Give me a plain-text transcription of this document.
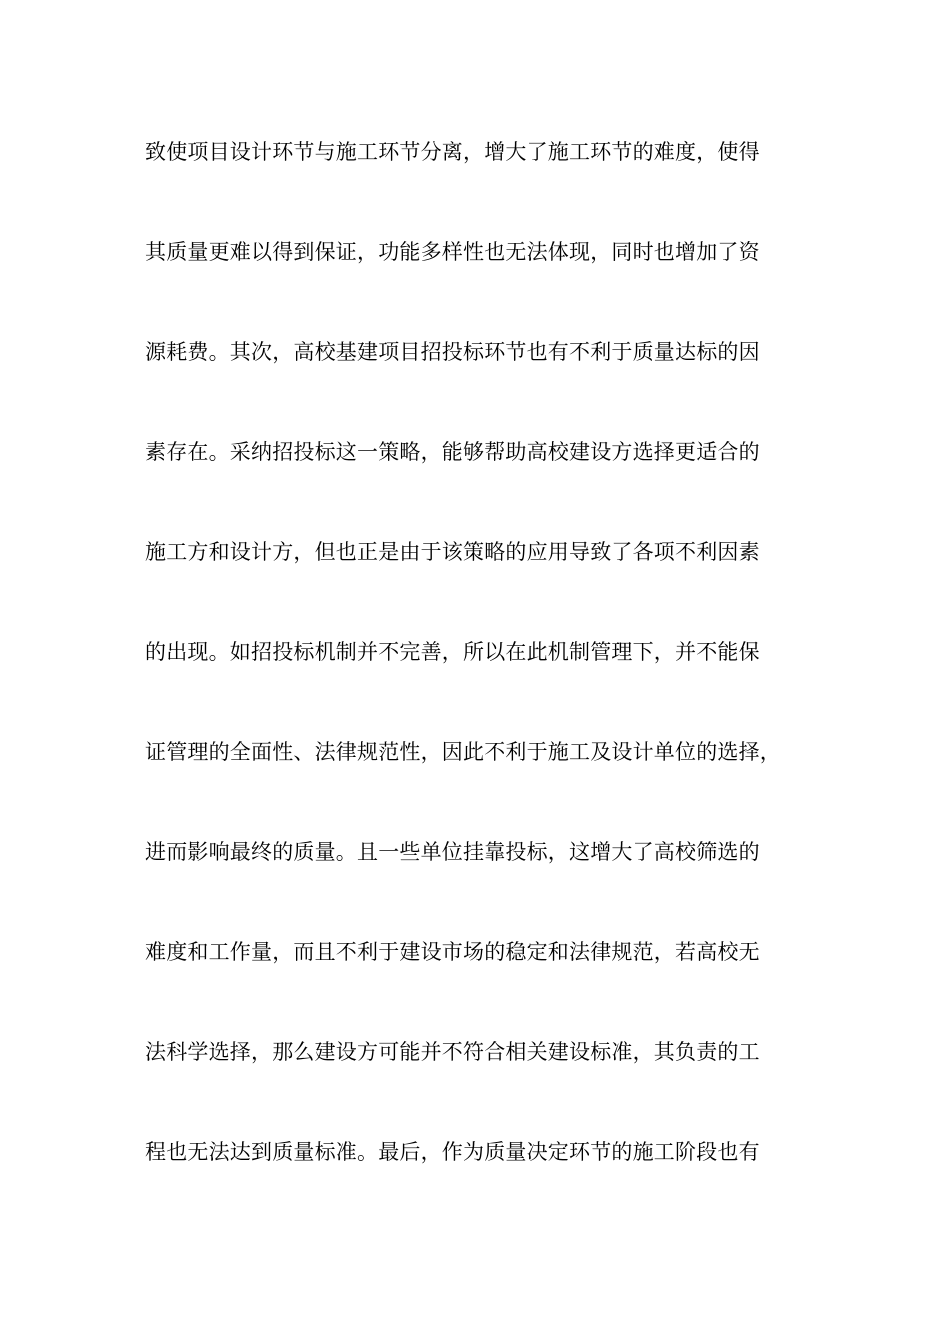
致使项目设计环节与施工环节分离，增大了施工环节的难度，使得
其质量更难以得到保证，功能多样性也无法体现，同时也增加了资
源耗费。其次，高校基建项目招投标环节也有不利于质量达标的因
素存在。采纳招投标这一策略，能够帮助高校建设方选择更适合的
施工方和设计方，但也正是由于该策略的应用导致了各项不利因素
的出现。如招投标机制并不完善，所以在此机制管理下，并不能保
证管理的全面性、法律规范性，因此不利于施工及设计单位的选择，
进而影响最终的质量。且一些单位挂靠投标，这增大了高校筛选的
难度和工作量，而且不利于建设市场的稳定和法律规范，若高校无
法科学选择，那么建设方可能并不符合相关建设标准，其负责的工
程也无法达到质量标准。最后，作为质量决定环节的施工阶段也有
